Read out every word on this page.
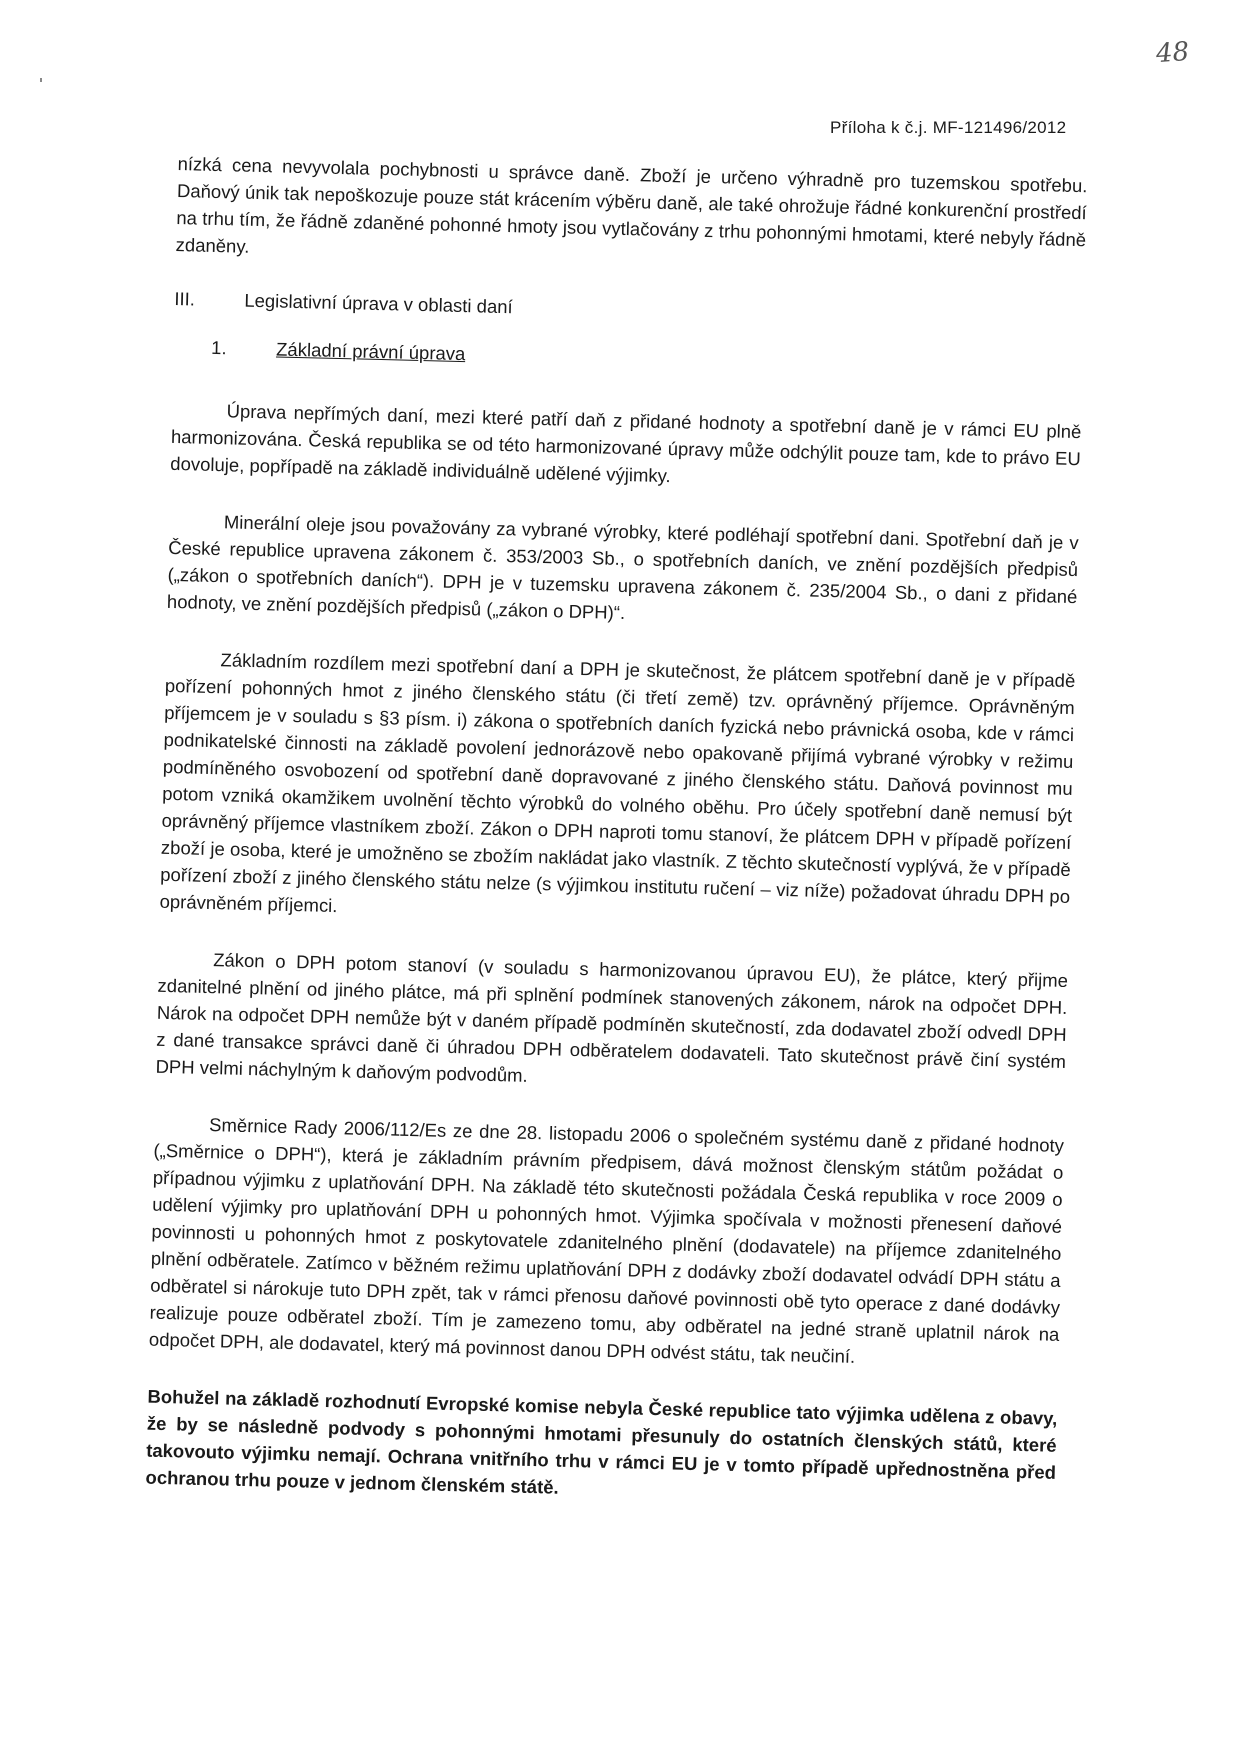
48
Příloha k č.j. MF-121496/2012

nízká cena nevyvolala pochybnosti u správce daně. Zboží je určeno výhradně pro tuzemskou spotřebu. Daňový únik tak nepoškozuje pouze stát krácením výběru daně, ale také ohrožuje řádné konkurenční prostředí na trhu tím, že řádně zdaněné pohonné hmoty jsou vytlačovány z trhu pohonnými hmotami, které nebyly řádně zdaněny.

III.	Legislativní úprava v oblasti daní
1.	Základní právní úprava

Úprava nepřímých daní, mezi které patří daň z přidané hodnoty a spotřební daně je v rámci EU plně harmonizována. Česká republika se od této harmonizované úpravy může odchýlit pouze tam, kde to právo EU dovoluje, popřípadě na základě individuálně udělené výjimky.

Minerální oleje jsou považovány za vybrané výrobky, které podléhají spotřební dani. Spotřební daň je v České republice upravena zákonem č. 353/2003 Sb., o spotřebních daních, ve znění pozdějších předpisů („zákon o spotřebních daních“). DPH je v tuzemsku upravena zákonem č. 235/2004 Sb., o dani z přidané hodnoty, ve znění pozdějších předpisů („zákon o DPH)“.

Základním rozdílem mezi spotřební daní a DPH je skutečnost, že plátcem spotřební daně je v případě pořízení pohonných hmot z jiného členského státu (či třetí země) tzv. oprávněný příjemce. Oprávněným příjemcem je v souladu s §3 písm. i) zákona o spotřebních daních fyzická nebo právnická osoba, kde v rámci podnikatelské činnosti na základě povolení jednorázově nebo opakovaně přijímá vybrané výrobky v režimu podmíněného osvobození od spotřební daně dopravované z jiného členského státu. Daňová povinnost mu potom vzniká okamžikem uvolnění těchto výrobků do volného oběhu. Pro účely spotřební daně nemusí být oprávněný příjemce vlastníkem zboží. Zákon o DPH naproti tomu stanoví, že plátcem DPH v případě pořízení zboží je osoba, které je umožněno se zbožím nakládat jako vlastník. Z těchto skutečností vyplývá, že v případě pořízení zboží z jiného členského státu nelze (s výjimkou institutu ručení – viz níže) požadovat úhradu DPH po oprávněném příjemci.

Zákon o DPH potom stanoví (v souladu s harmonizovanou úpravou EU), že plátce, který přijme zdanitelné plnění od jiného plátce, má při splnění podmínek stanovených zákonem, nárok na odpočet DPH. Nárok na odpočet DPH nemůže být v daném případě podmíněn skutečností, zda dodavatel zboží odvedl DPH z dané transakce správci daně či úhradou DPH odběratelem dodavateli. Tato skutečnost právě činí systém DPH velmi náchylným k daňovým podvodům.

Směrnice Rady 2006/112/Es ze dne 28. listopadu 2006 o společném systému daně z přidané hodnoty („Směrnice o DPH“), která je základním právním předpisem, dává možnost členským státům požádat o případnou výjimku z uplatňování DPH. Na základě této skutečnosti požádala Česká republika v roce 2009 o udělení výjimky pro uplatňování DPH u pohonných hmot. Výjimka spočívala v možnosti přenesení daňové povinnosti u pohonných hmot z poskytovatele zdanitelného plnění (dodavatele) na příjemce zdanitelného plnění odběratele. Zatímco v běžném režimu uplatňování DPH z dodávky zboží dodavatel odvádí DPH státu a odběratel si nárokuje tuto DPH zpět, tak v rámci přenosu daňové povinnosti obě tyto operace z dané dodávky realizuje pouze odběratel zboží. Tím je zamezeno tomu, aby odběratel na jedné straně uplatnil nárok na odpočet DPH, ale dodavatel, který má povinnost danou DPH odvést státu, tak neučiní.

Bohužel na základě rozhodnutí Evropské komise nebyla České republice tato výjimka udělena z obavy, že by se následně podvody s pohonnými hmotami přesunuly do ostatních členských států, které takovouto výjimku nemají. Ochrana vnitřního trhu v rámci EU je v tomto případě upřednostněna před ochranou trhu pouze v jednom členském státě.
